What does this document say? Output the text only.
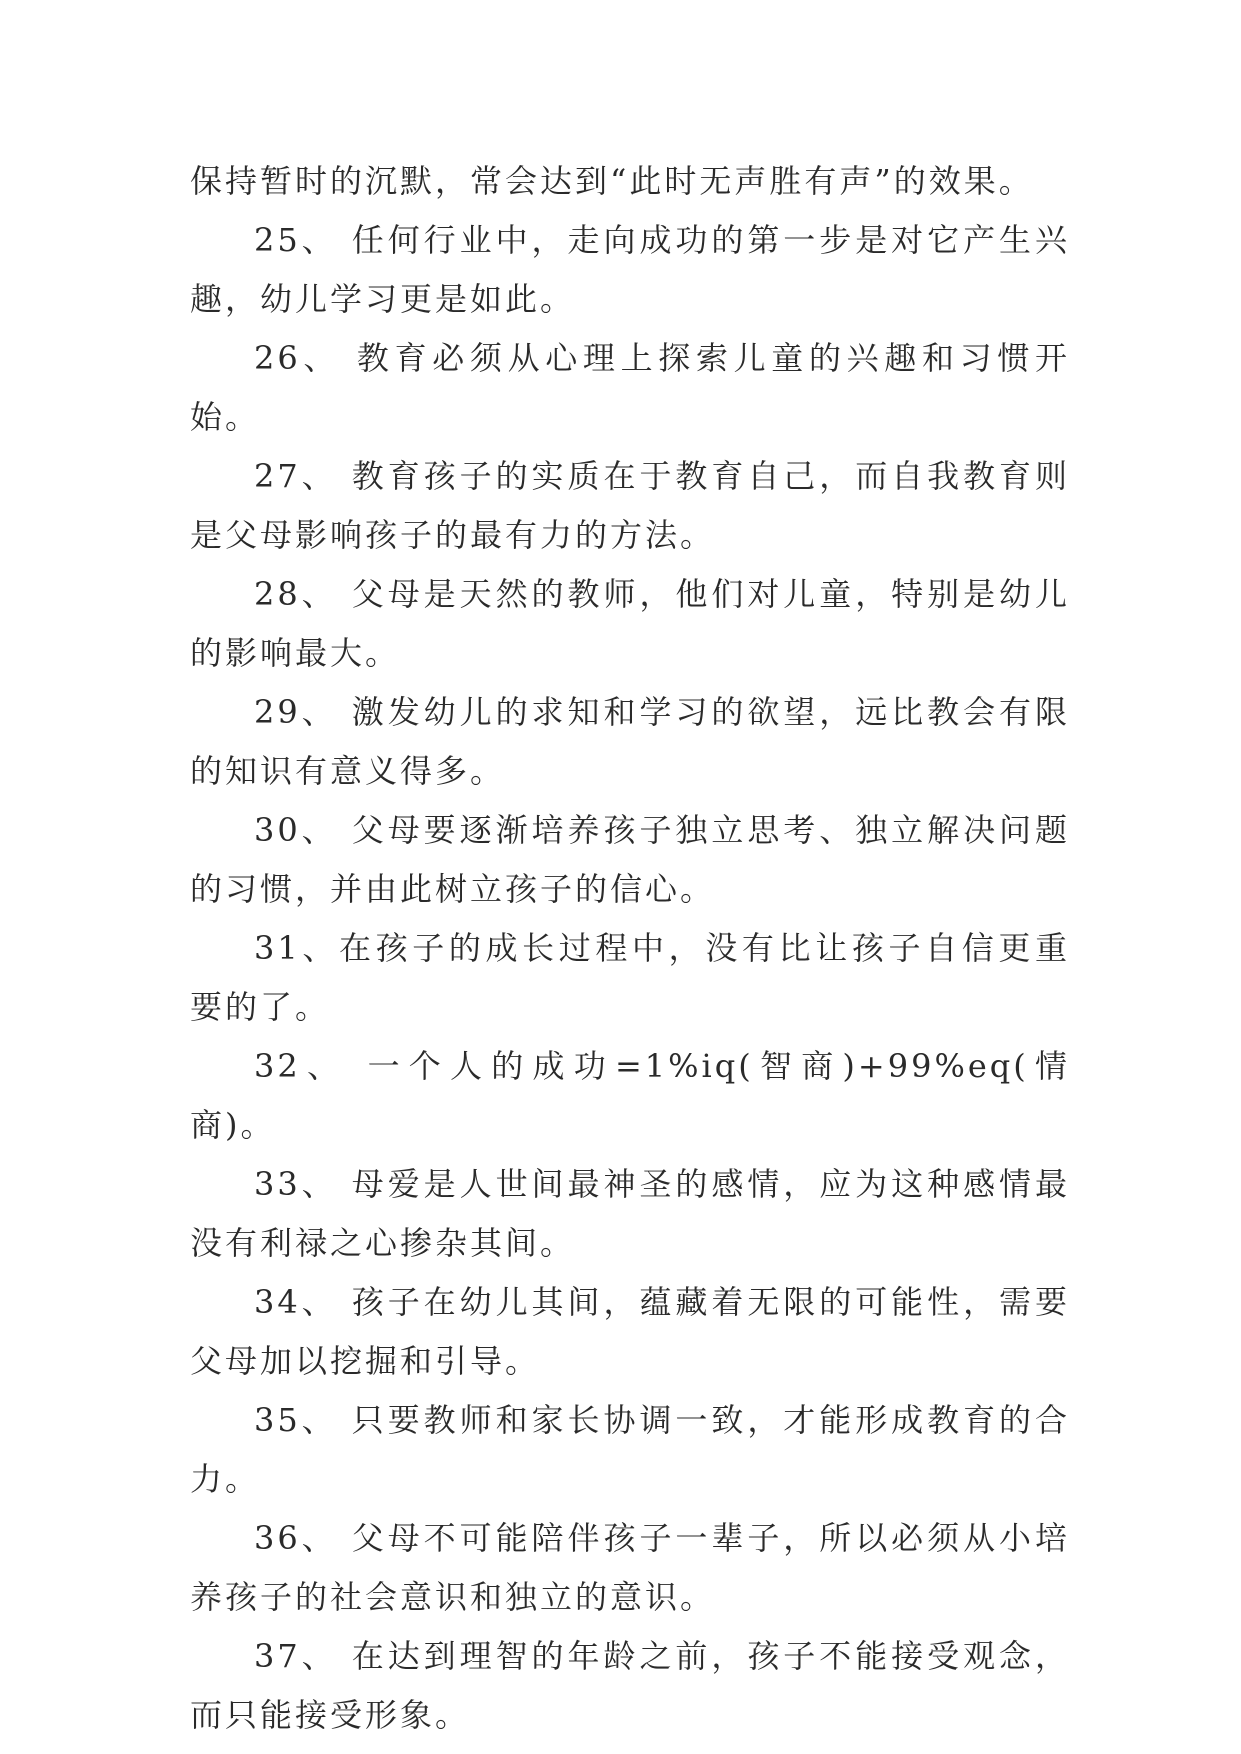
保持暂时的沉默，常会达到“此时无声胜有声”的效果。

25、 任何行业中，走向成功的第一步是对它产生兴趣，幼儿学习更是如此。

26、 教育必须从心理上探索儿童的兴趣和习惯开始。

27、 教育孩子的实质在于教育自己，而自我教育则是父母影响孩子的最有力的方法。

28、 父母是天然的教师，他们对儿童，特别是幼儿的影响最大。

29、 激发幼儿的求知和学习的欲望，远比教会有限的知识有意义得多。

30、 父母要逐渐培养孩子独立思考、独立解决问题的习惯，并由此树立孩子的信心。

31、在孩子的成长过程中，没有比让孩子自信更重要的了。

32、 一个人的成功=1%iq(智商)+99%eq(情商)。

33、 母爱是人世间最神圣的感情，应为这种感情最没有利禄之心掺杂其间。

34、 孩子在幼儿其间，蕴藏着无限的可能性，需要父母加以挖掘和引导。

35、 只要教师和家长协调一致，才能形成教育的合力。

36、 父母不可能陪伴孩子一辈子，所以必须从小培养孩子的社会意识和独立的意识。

37、 在达到理智的年龄之前，孩子不能接受观念，而只能接受形象。
